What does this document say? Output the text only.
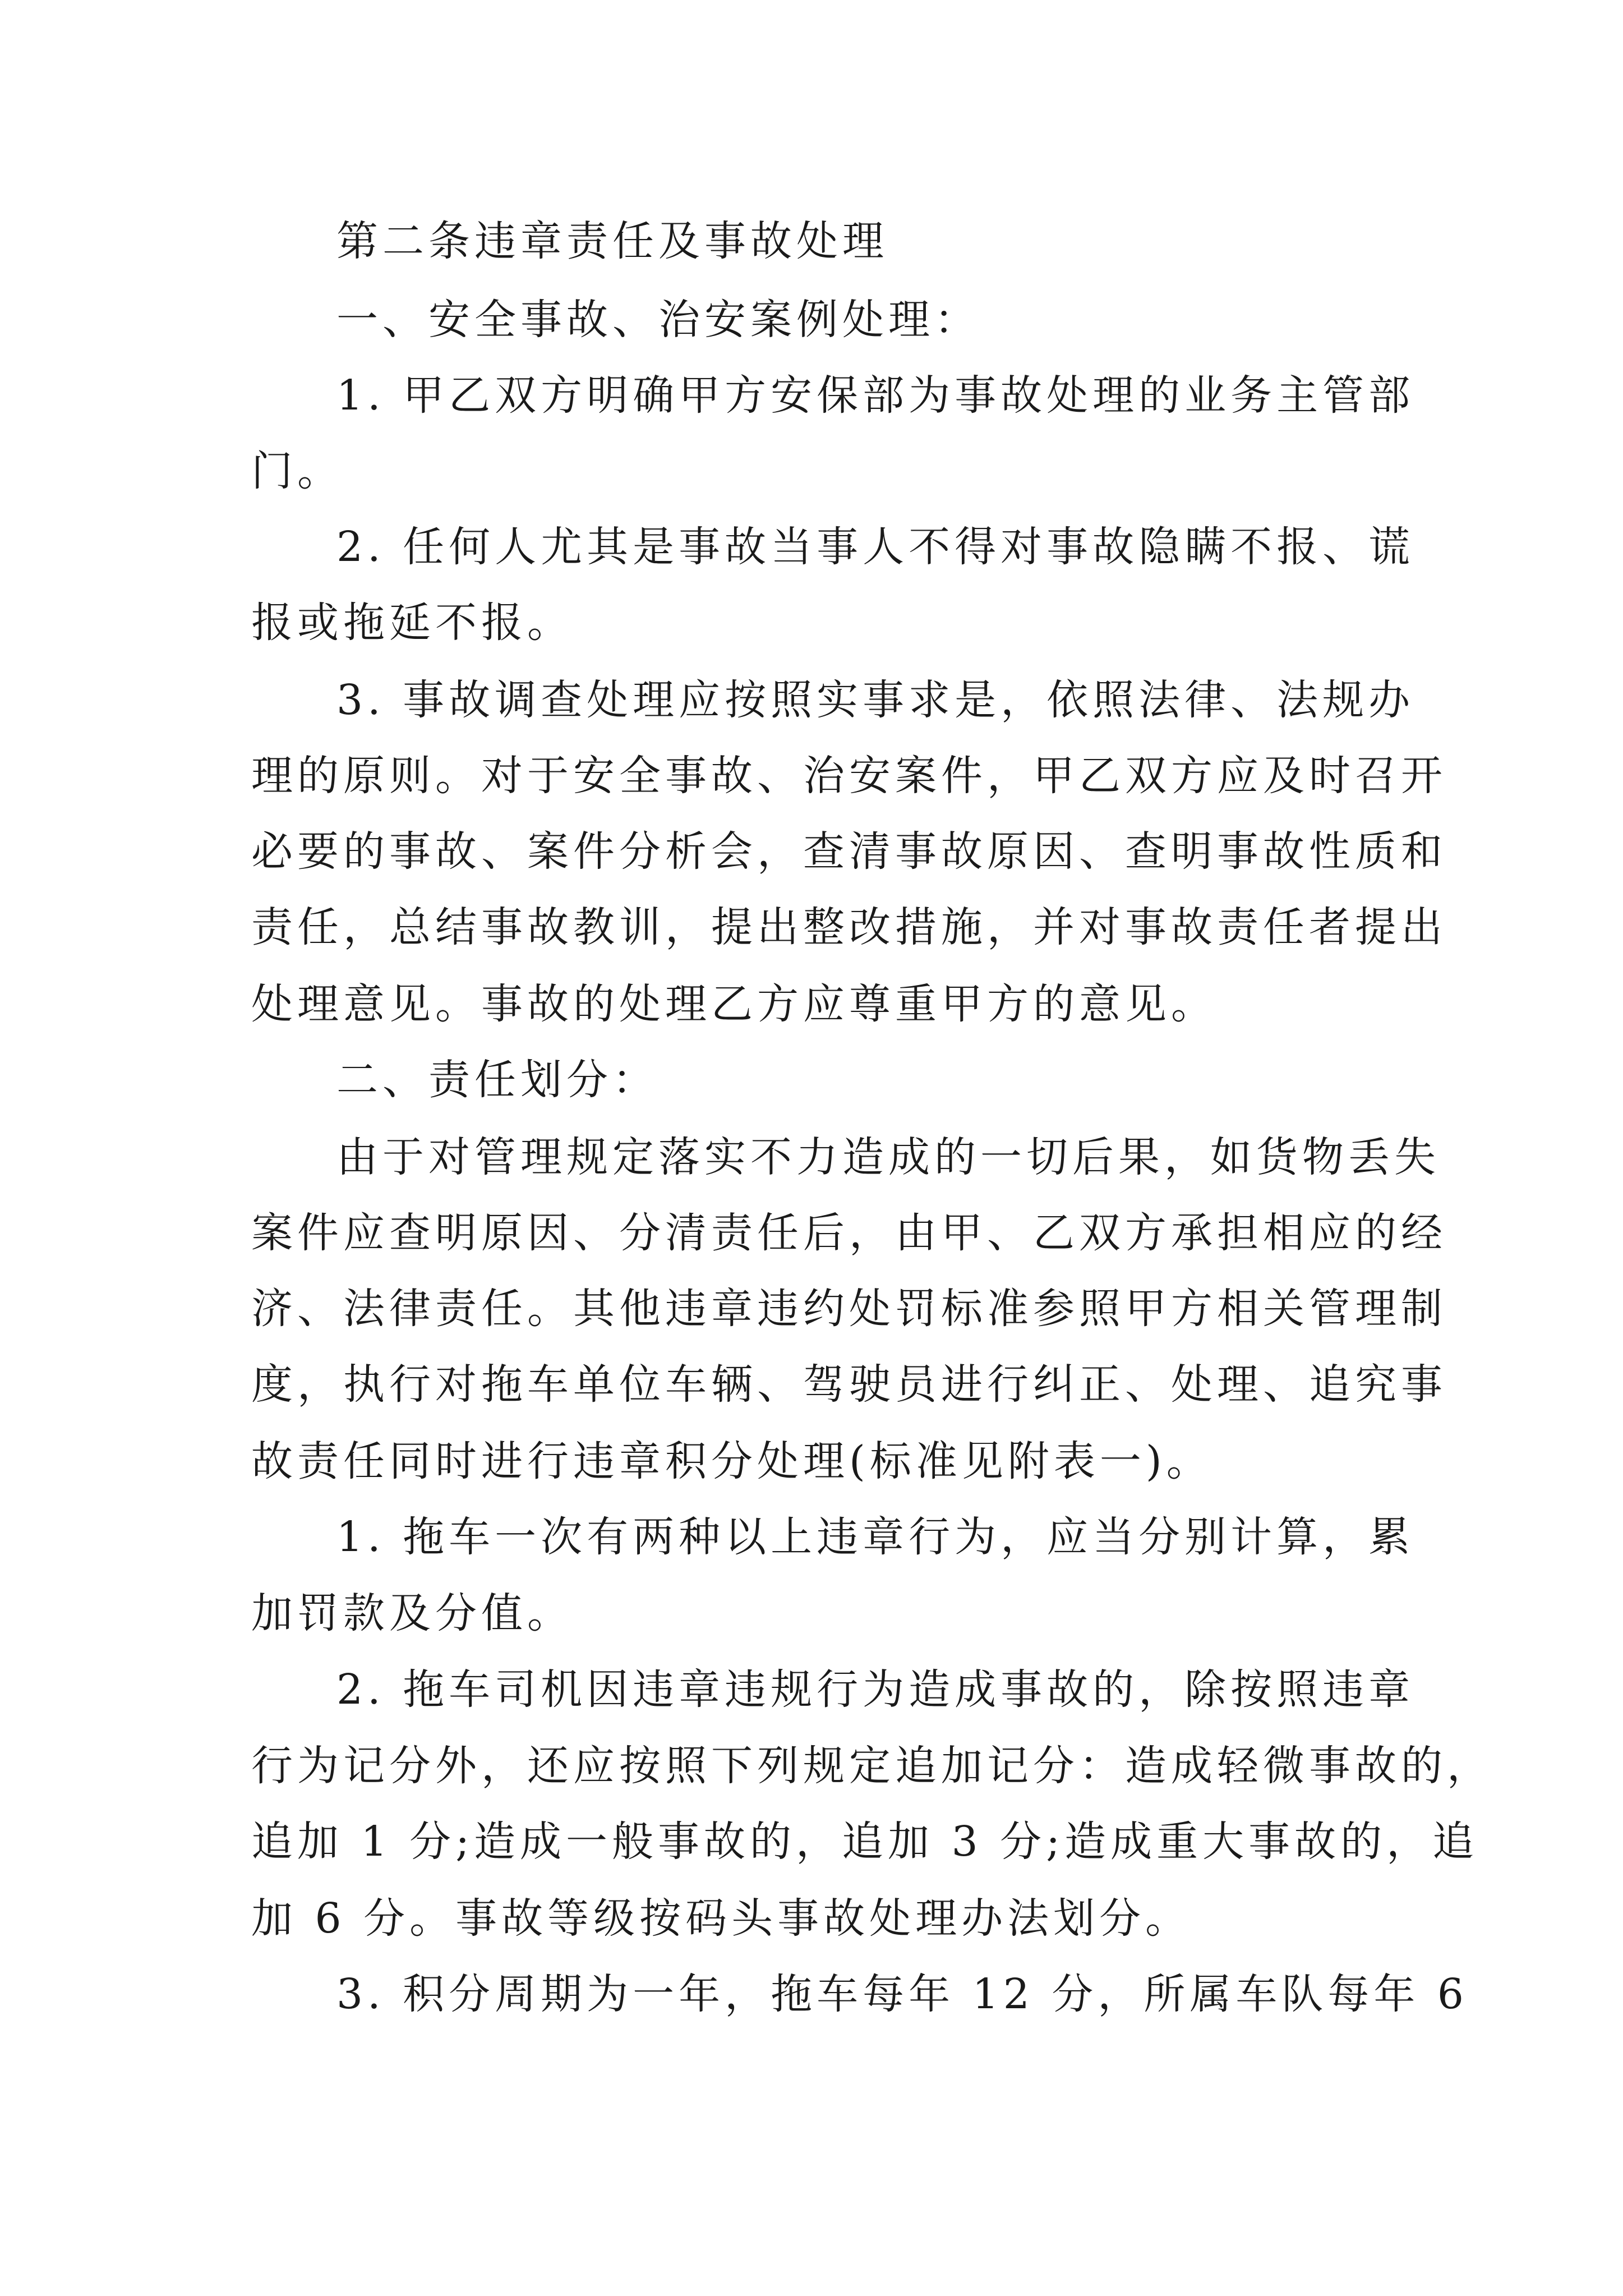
第二条违章责任及事故处理
一、安全事故、治安案例处理：
1. 甲乙双方明确甲方安保部为事故处理的业务主管部
门。
2. 任何人尤其是事故当事人不得对事故隐瞒不报、谎
报或拖延不报。
3. 事故调查处理应按照实事求是，依照法律、法规办
理的原则。对于安全事故、治安案件，甲乙双方应及时召开
必要的事故、案件分析会，查清事故原因、查明事故性质和
责任，总结事故教训，提出整改措施，并对事故责任者提出
处理意见。事故的处理乙方应尊重甲方的意见。
二、责任划分：
由于对管理规定落实不力造成的一切后果，如货物丢失
案件应查明原因、分清责任后，由甲、乙双方承担相应的经
济、法律责任。其他违章违约处罚标准参照甲方相关管理制
度，执行对拖车单位车辆、驾驶员进行纠正、处理、追究事
故责任同时进行违章积分处理(标准见附表一)。
1. 拖车一次有两种以上违章行为，应当分别计算，累
加罚款及分值。
2. 拖车司机因违章违规行为造成事故的，除按照违章
行为记分外，还应按照下列规定追加记分：造成轻微事故的，
追加 1 分;造成一般事故的，追加 3 分;造成重大事故的，追
加 6 分。事故等级按码头事故处理办法划分。
3. 积分周期为一年，拖车每年 12 分，所属车队每年 6
